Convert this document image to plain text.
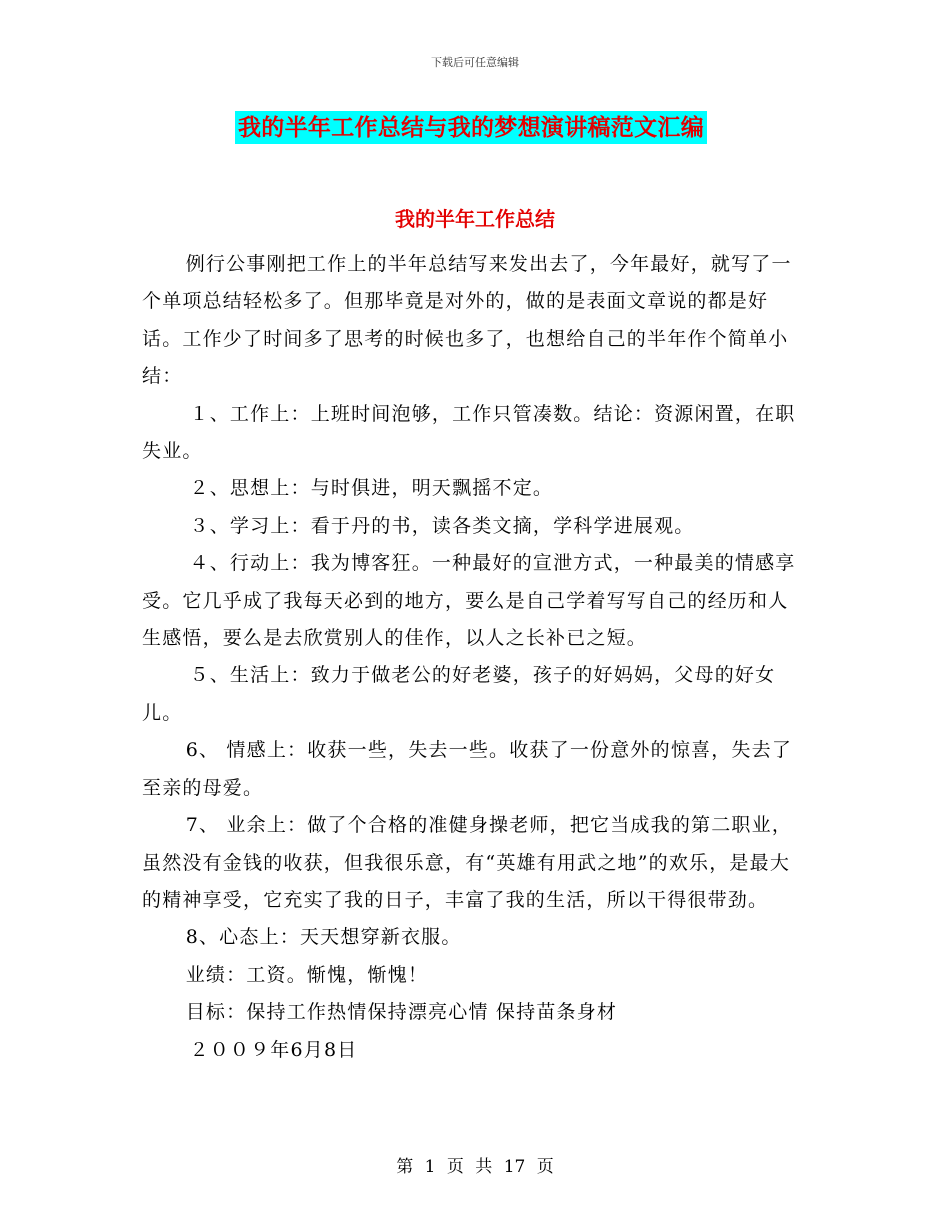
下载后可任意编辑
我的半年工作总结与我的梦想演讲稿范文汇编
我的半年工作总结

例行公事刚把工作上的半年总结写来发出去了，今年最好，就写了一个单项总结轻松多了。但那毕竟是对外的，做的是表面文章说的都是好话。工作少了时间多了思考的时候也多了，也想给自己的半年作个简单小结：

１、工作上：上班时间泡够，工作只管凑数。结论：资源闲置，在职失业。

２、思想上：与时俱进，明天飘摇不定。

３、学习上：看于丹的书，读各类文摘，学科学进展观。

４、行动上：我为博客狂。一种最好的宣泄方式，一种最美的情感享受。它几乎成了我每天必到的地方，要么是自己学着写写自己的经历和人生感悟，要么是去欣赏别人的佳作，以人之长补已之短。

５、生活上：致力于做老公的好老婆，孩子的好妈妈，父母的好女儿。

6、 情感上：收获一些，失去一些。收获了一份意外的惊喜，失去了至亲的母爱。

7、 业余上：做了个合格的准健身操老师，把它当成我的第二职业，虽然没有金钱的收获，但我很乐意，有“英雄有用武之地”的欢乐，是最大的精神享受，它充实了我的日子，丰富了我的生活，所以干得很带劲。

8、心态上：天天想穿新衣服。

业绩：工资。惭愧，惭愧！

目标：保持工作热情保持漂亮心情 保持苗条身材

２００９年6月8日

第 1 页 共 17 页
